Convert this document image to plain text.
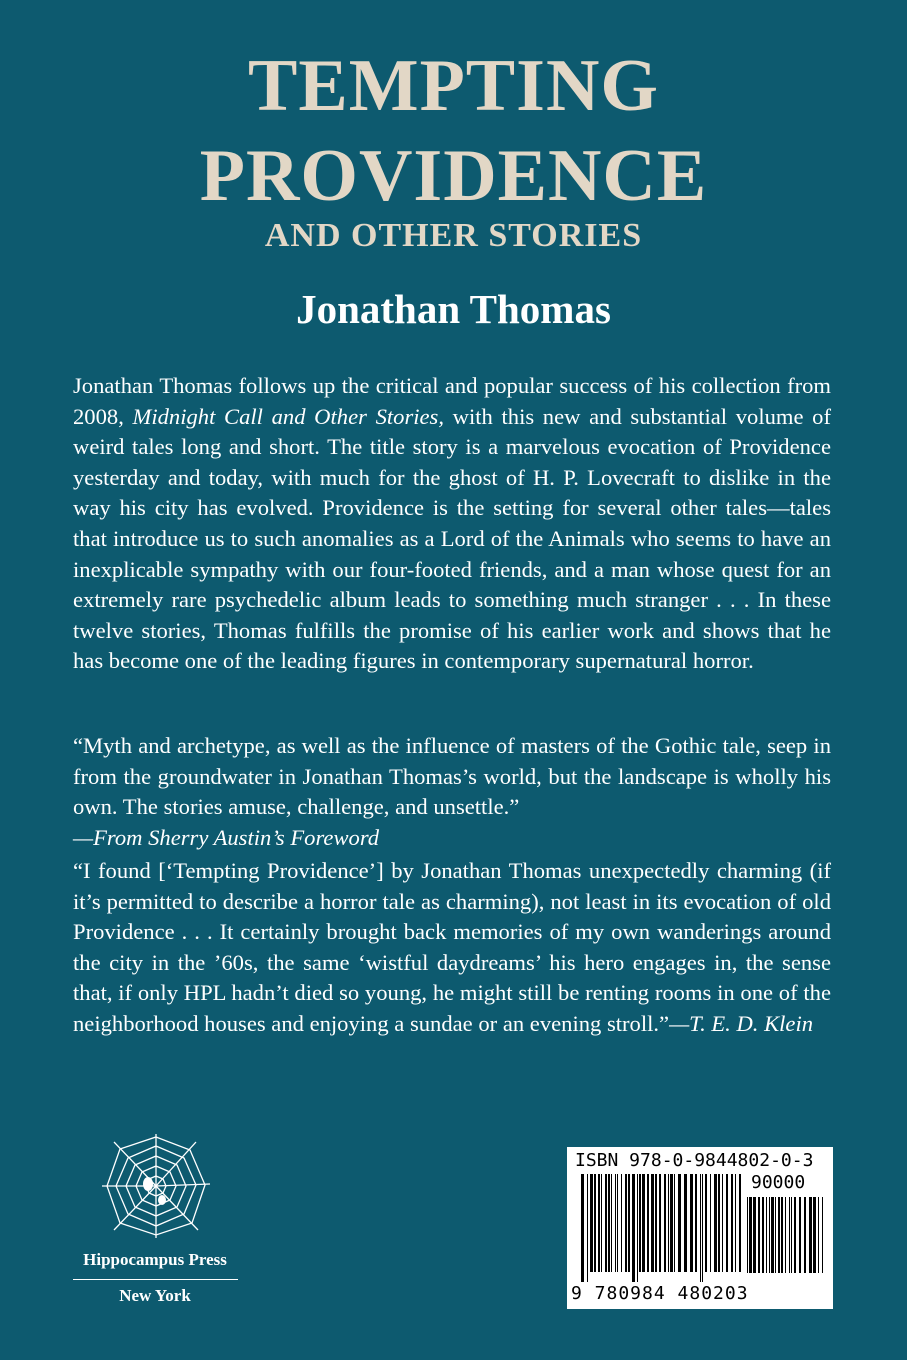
TEMPTING
PROVIDENCE
AND OTHER STORIES
Jonathan Thomas

Jonathan Thomas follows up the critical and popular success of his collection from 2008, Midnight Call and Other Stories, with this new and substantial volume of weird tales long and short. The title story is a marvelous evocation of Providence yesterday and today, with much for the ghost of H. P. Lovecraft to dislike in the way his city has evolved. Providence is the setting for several other tales—tales that introduce us to such anomalies as a Lord of the Animals who seems to have an inexplicable sympathy with our four-footed friends, and a man whose quest for an extremely rare psychedelic album leads to something much stranger . . . In these twelve stories, Thomas fulfills the promise of his earlier work and shows that he has become one of the leading figures in contemporary supernatural horror.

“Myth and archetype, as well as the influence of masters of the Gothic tale, seep in from the groundwater in Jonathan Thomas’s world, but the landscape is wholly his own. The stories amuse, challenge, and unsettle.”
—From Sherry Austin’s Foreword

“I found [‘Tempting Providence’] by Jonathan Thomas unexpectedly charming (if it’s permitted to describe a horror tale as charming), not least in its evocation of old Providence . . . It certainly brought back memories of my own wanderings around the city in the ’60s, the same ‘wistful daydreams’ his hero engages in, the sense that, if only HPL hadn’t died so young, he might still be renting rooms in one of the neighborhood houses and enjoying a sundae or an evening stroll.”—T. E. D. Klein

Hippocampus Press

New York

ISBN 978-0-9844802-0-3

90000

9 780984 480203
